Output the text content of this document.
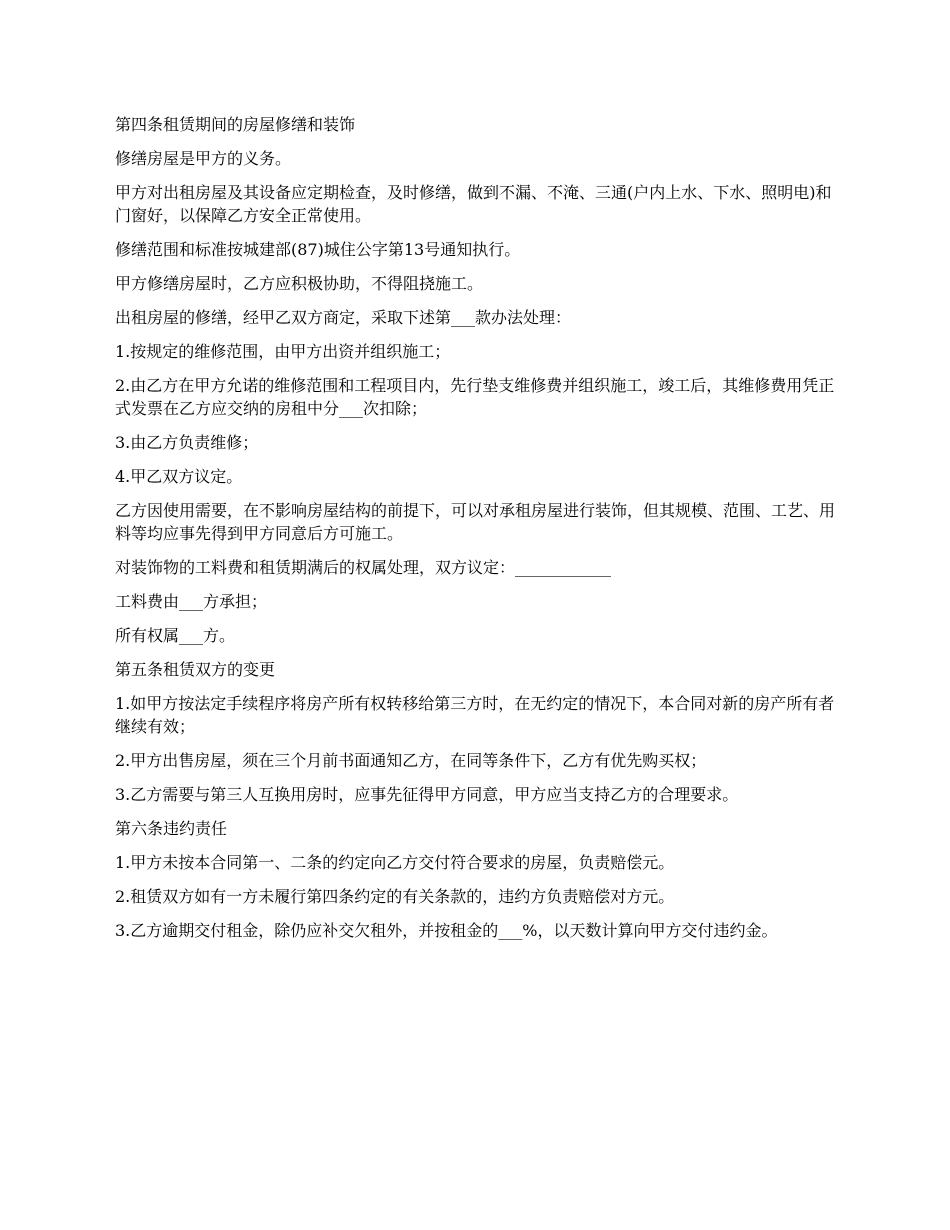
第四条租赁期间的房屋修缮和装饰

修缮房屋是甲方的义务。

甲方对出租房屋及其设备应定期检查，及时修缮，做到不漏、不淹、三通(户内上水、下水、照明电)和门窗好，以保障乙方安全正常使用。

修缮范围和标准按城建部(87)城住公字第13号通知执行。

甲方修缮房屋时，乙方应积极协助，不得阻挠施工。

出租房屋的修缮，经甲乙双方商定，采取下述第___款办法处理：

1.按规定的维修范围，由甲方出资并组织施工；

2.由乙方在甲方允诺的维修范围和工程项目内，先行垫支维修费并组织施工，竣工后，其维修费用凭正式发票在乙方应交纳的房租中分___次扣除；

3.由乙方负责维修；

4.甲乙双方议定。

乙方因使用需要，在不影响房屋结构的前提下，可以对承租房屋进行装饰，但其规模、范围、工艺、用料等均应事先得到甲方同意后方可施工。

对装饰物的工料费和租赁期满后的权属处理，双方议定：____________

工料费由___方承担；

所有权属___方。

第五条租赁双方的变更

1.如甲方按法定手续程序将房产所有权转移给第三方时，在无约定的情况下，本合同对新的房产所有者继续有效；

2.甲方出售房屋，须在三个月前书面通知乙方，在同等条件下，乙方有优先购买权；

3.乙方需要与第三人互换用房时，应事先征得甲方同意，甲方应当支持乙方的合理要求。

第六条违约责任

1.甲方未按本合同第一、二条的约定向乙方交付符合要求的房屋，负责赔偿元。

2.租赁双方如有一方未履行第四条约定的有关条款的，违约方负责赔偿对方元。

3.乙方逾期交付租金，除仍应补交欠租外，并按租金的___%，以天数计算向甲方交付违约金。
